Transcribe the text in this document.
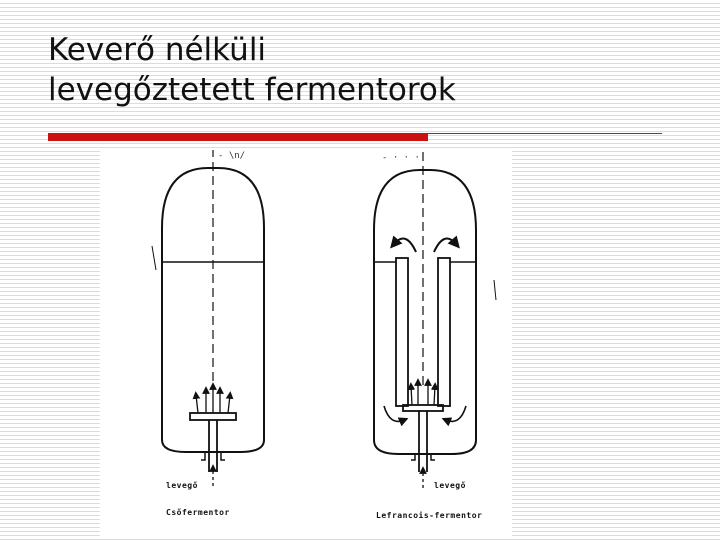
Keverő nélküli
levegőztetett fermentorok
- \n/
levegő
Csőfermentor
- · · ·
levegő
Lefrancois-fermentor
